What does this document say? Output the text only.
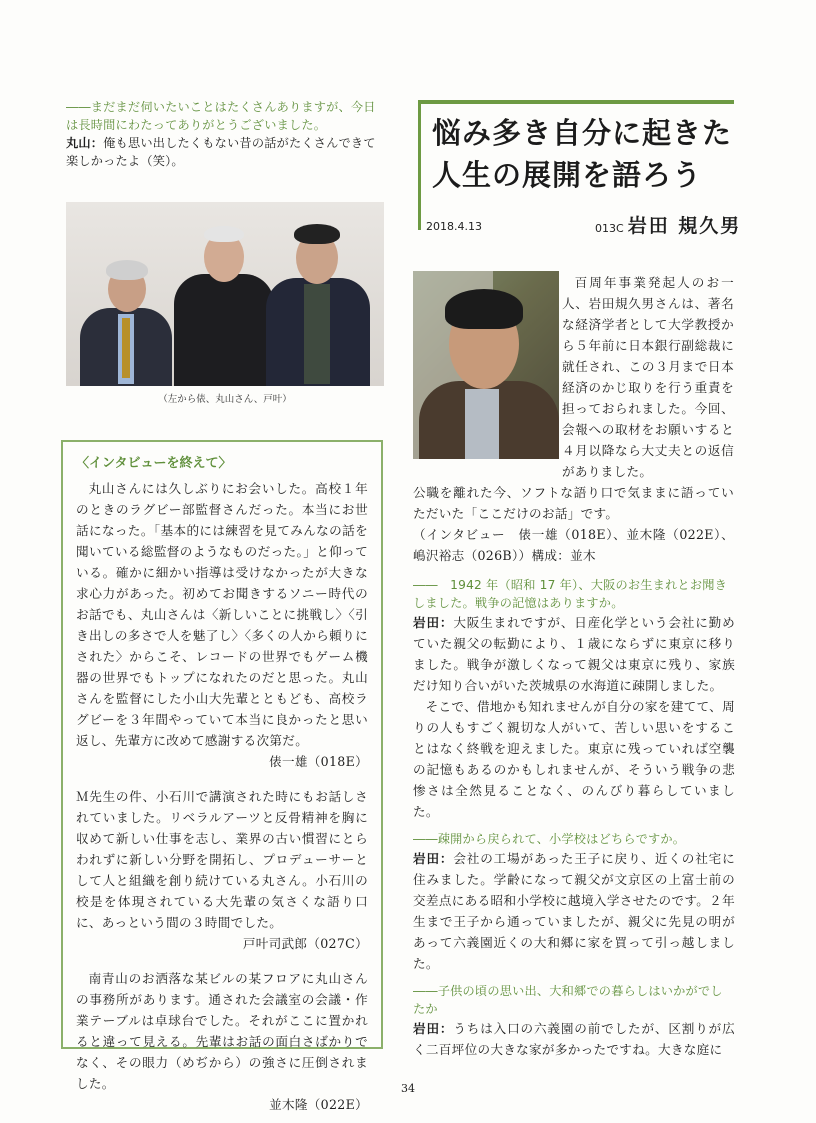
――まだまだ伺いたいことはたくさんありますが、今日は長時間にわたってありがとうございました。
丸山：俺も思い出したくもない昔の話がたくさんできて楽しかったよ（笑）。
（左から俵、丸山さん、戸叶）
〈インタビューを終えて〉
丸山さんには久しぶりにお会いした。高校１年のときのラグビー部監督さんだった。本当にお世話になった。「基本的には練習を見てみんなの話を聞いている総監督のようなものだった。」と仰っている。確かに細かい指導は受けなかったが大きな求心力があった。初めてお聞きするソニー時代のお話でも、丸山さんは〈新しいことに挑戦し〉〈引き出しの多さで人を魅了し〉〈多くの人から頼りにされた〉からこそ、レコードの世界でもゲーム機器の世界でもトップになれたのだと思った。丸山さんを監督にした小山大先輩とともども、高校ラグビーを３年間やっていて本当に良かったと思い返し、先輩方に改めて感謝する次第だ。
俵一雄（018E）
Ｍ先生の件、小石川で講演された時にもお話しされていました。リベラルアーツと反骨精神を胸に収めて新しい仕事を志し、業界の古い慣習にとらわれずに新しい分野を開拓し、プロデューサーとして人と組織を創り続けている丸さん。小石川の校是を体現されている大先輩の気さくな語り口に、あっという間の３時間でした。
戸叶司武郎（027C）
南青山のお洒落な某ビルの某フロアに丸山さんの事務所があります。通された会議室の会議・作業テーブルは卓球台でした。それがここに置かれると違って見える。先輩はお話の面白さばかりでなく、その眼力（めぢから）の強さに圧倒されました。
並木隆（022E）
悩み多き自分に起きた
人生の展開を語ろう
2018.4.13	013C 岩田 規久男
百周年事業発起人のお一人、岩田規久男さんは、著名な経済学者として大学教授から５年前に日本銀行副総裁に就任され、この３月まで日本経済のかじ取りを行う重責を担っておられました。今回、会報への取材をお願いすると４月以降なら大丈夫との返信がありました。
公職を離れた今、ソフトな語り口で気ままに語っていただいた「ここだけのお話」です。
（インタビュー　俵一雄（018E）、並木隆（022E）、嶋沢裕志（026B））構成：並木
――　1942 年（昭和 17 年）、大阪のお生まれとお聞きしました。戦争の記憶はありますか。
岩田：大阪生まれですが、日産化学という会社に勤めていた親父の転勤により、１歳にならずに東京に移りました。戦争が激しくなって親父は東京に残り、家族だけ知り合いがいた茨城県の水海道に疎開しました。
そこで、借地かも知れませんが自分の家を建てて、周りの人もすごく親切な人がいて、苦しい思いをすることはなく終戦を迎えました。東京に残っていれば空襲の記憶もあるのかもしれませんが、そういう戦争の悲惨さは全然見ることなく、のんびり暮らしていました。
――疎開から戻られて、小学校はどちらですか。
岩田：会社の工場があった王子に戻り、近くの社宅に住みました。学齢になって親父が文京区の上富士前の交差点にある昭和小学校に越境入学させたのです。２年生まで王子から通っていましたが、親父に先見の明があって六義園近くの大和郷に家を買って引っ越しました。
――子供の頃の思い出、大和郷での暮らしはいかがでしたか
岩田：うちは入口の六義園の前でしたが、区割りが広く二百坪位の大きな家が多かったですね。大きな庭に
34
